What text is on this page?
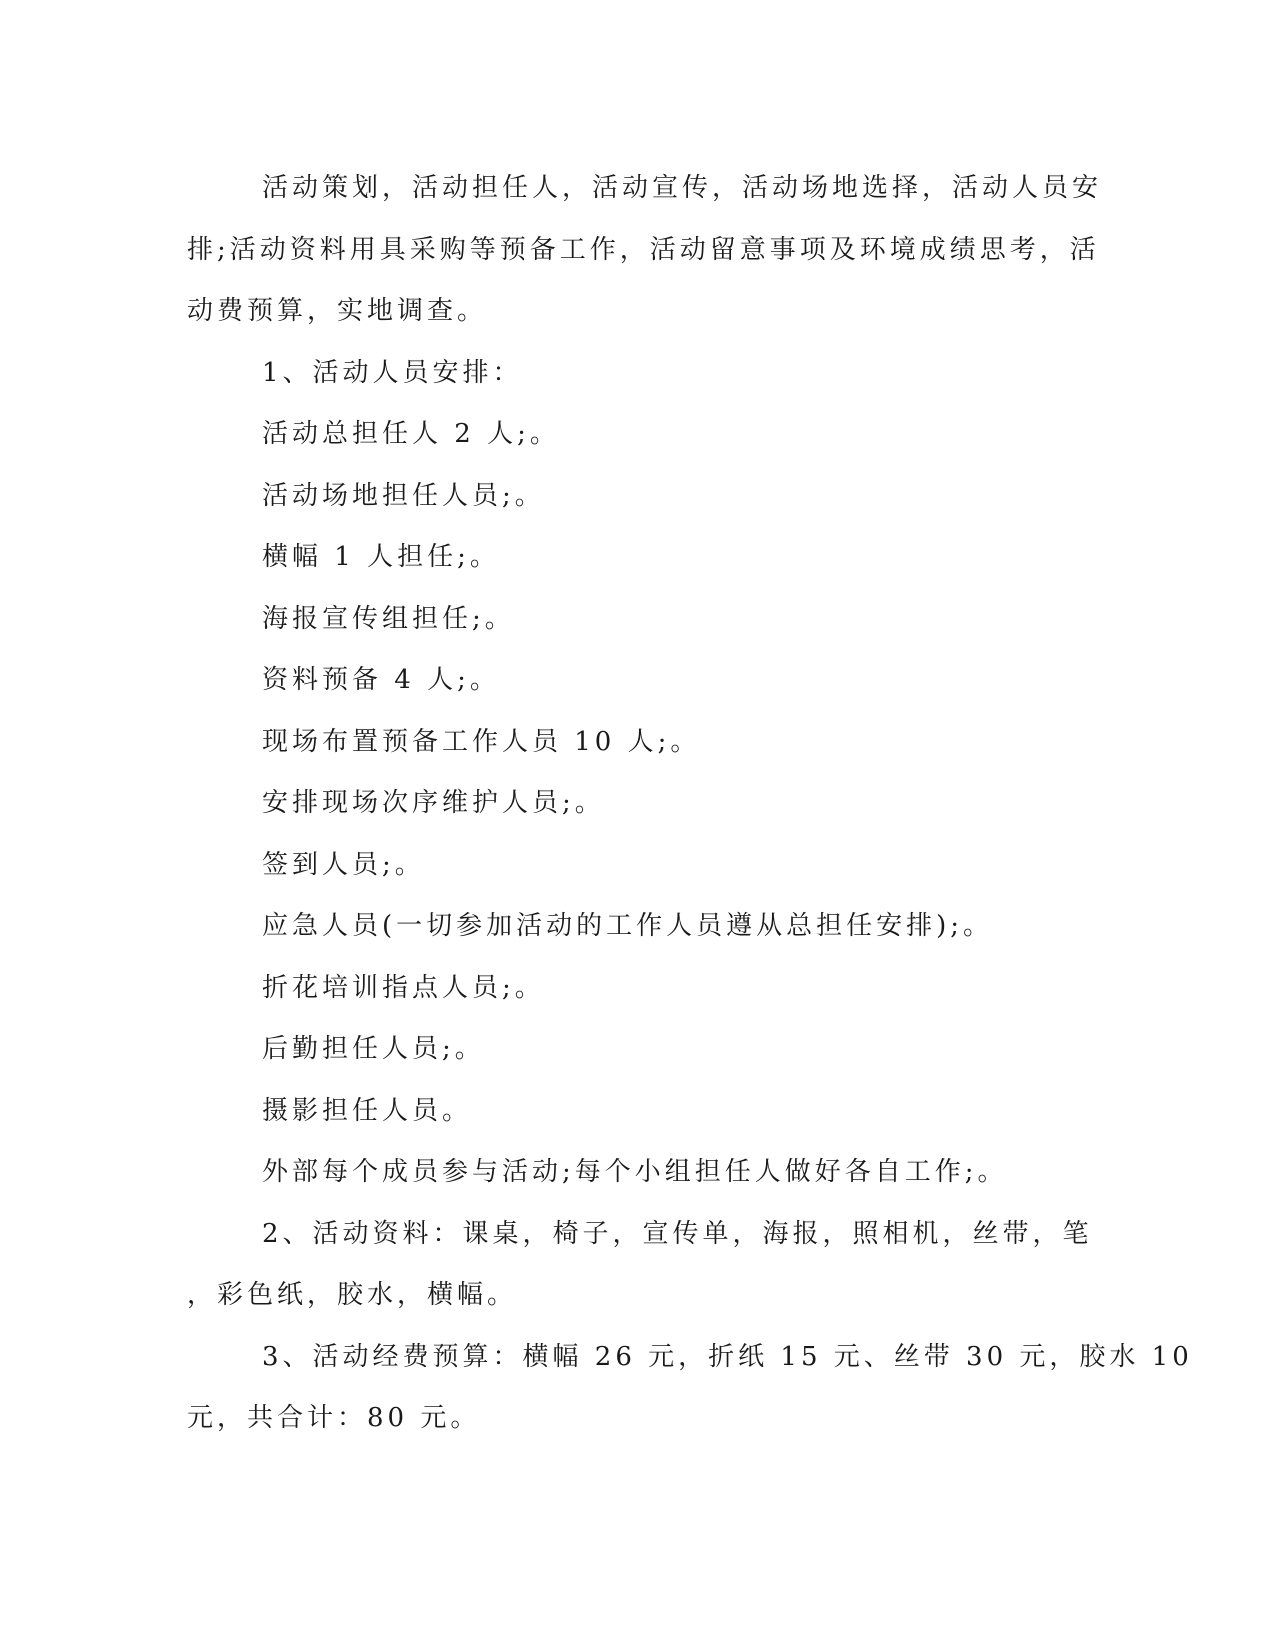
活动策划，活动担任人，活动宣传，活动场地选择，活动人员安
排;活动资料用具采购等预备工作，活动留意事项及环境成绩思考，活
动费预算，实地调查。
1、活动人员安排：
活动总担任人 2 人;。
活动场地担任人员;。
横幅 1 人担任;。
海报宣传组担任;。
资料预备 4 人;。
现场布置预备工作人员 10 人;。
安排现场次序维护人员;。
签到人员;。
应急人员(一切参加活动的工作人员遵从总担任安排);。
折花培训指点人员;。
后勤担任人员;。
摄影担任人员。
外部每个成员参与活动;每个小组担任人做好各自工作;。
2、活动资料：课桌，椅子，宣传单，海报，照相机，丝带，笔
，彩色纸，胶水，横幅。
3、活动经费预算：横幅 26 元，折纸 15 元、丝带 30 元，胶水 10
元，共合计：80 元。
